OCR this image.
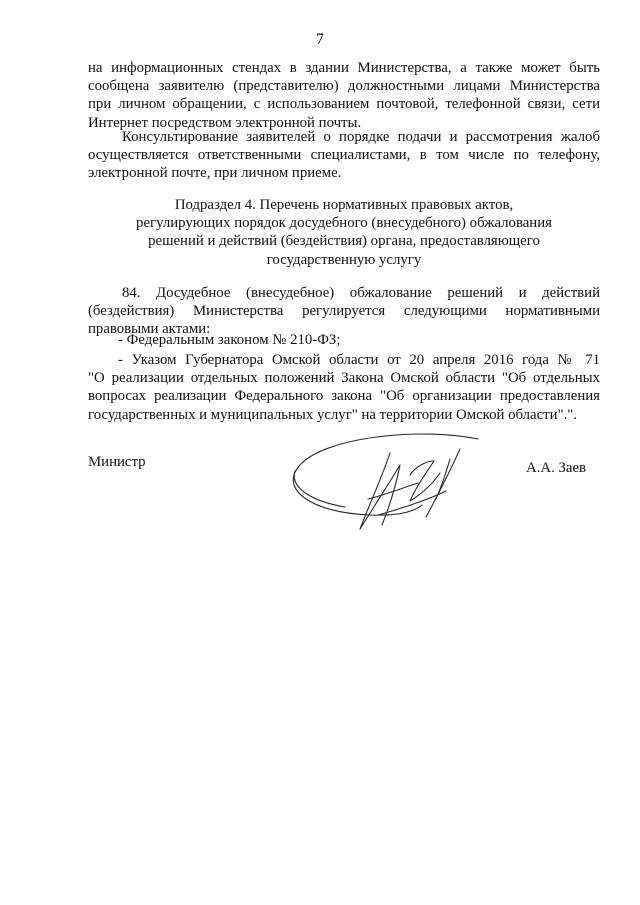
7
на информационных стендах в здании Министерства, а также может быть
сообщена заявителю (представителю) должностными лицами Министерства
при личном обращении, с использованием почтовой, телефонной связи, сети
Интернет посредством электронной почты.
Консультирование заявителей о порядке подачи и рассмотрения жалоб
осуществляется ответственными специалистами, в том числе по телефону,
электронной почте, при личном приеме.
Подраздел 4. Перечень нормативных правовых актов,
регулирующих порядок досудебного (внесудебного) обжалования
решений и действий (бездействия) органа, предоставляющего
государственную услугу
84. Досудебное (внесудебное) обжалование решений и действий
(бездействия) Министерства регулируется следующими нормативными
правовыми актами:
- Федеральным законом № 210-ФЗ;
- Указом Губернатора Омской области от 20 апреля 2016 года № 71
"О реализации отдельных положений Закона Омской области "Об отдельных
вопросах реализации Федерального закона "Об организации предоставления
государственных и муниципальных услуг" на территории Омской области".".
Министр	А.А. Заев
